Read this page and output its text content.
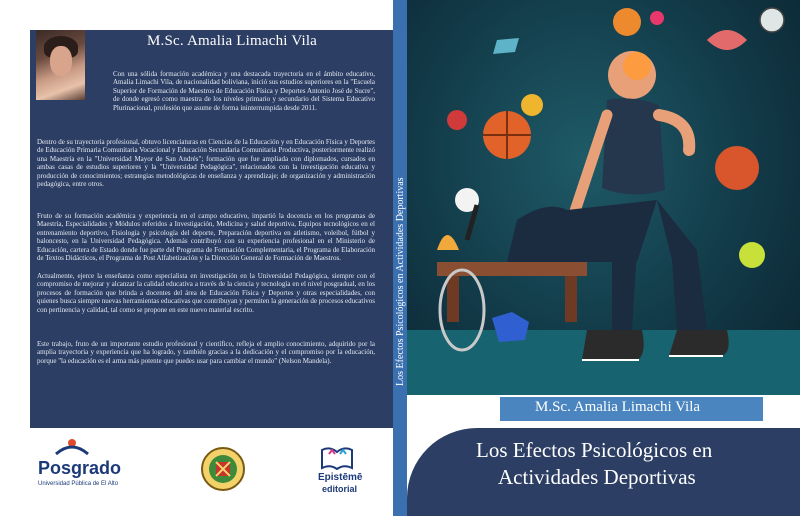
M.Sc. Amalia Limachi Vila

Con una sólida formación académica y una destacada trayectoria en el ámbito educativo, Amalia Limachi Vila, de nacionalidad boliviana, inició sus estudios superiores en la "Escuela Superior de Formación de Maestros de Educación Física y Deportes Antonio José de Sucre", de donde egresó como maestra de los niveles primario y secundario del Sistema Educativo Plurinacional, profesión que asume de forma ininterrumpida desde 2011.

Dentro de su trayectoria profesional, obtuvo licenciaturas en Ciencias de la Educación y en Educación Física y Deportes de Educación Primaria Comunitaria Vocacional y Educación Secundaria Comunitaria Productiva, posteriormente realizó una Maestría en la "Universidad Mayor de San Andrés"; formación que fue ampliada con diplomados, cursados en ambas casas de estudios superiores y la "Universidad Pedagógica", relacionados con la investigación educativa y producción de conocimientos; estrategias metodológicas de enseñanza y aprendizaje; de organización y administración pedagógica, entre otros.

Fruto de su formación académica y experiencia en el campo educativo, impartió la docencia en los programas de Maestría, Especialidades y Módulos referidos a Investigación, Medicina y salud deportiva, Equipos tecnológicos en el entrenamiento deportivo, Fisiología y psicología del deporte, Preparación deportiva en atletismo, voleibol, fútbol y baloncesto, en la Universidad Pedagógica. Además contribuyó con su experiencia profesional en el Ministerio de Educación, cartera de Estado donde fue parte del Programa de Formación Complementaria, el Programa de Elaboración de Textos Didácticos, el Programa de Post Alfabetización y la Dirección General de Formación de Maestros.

Actualmente, ejerce la enseñanza como especialista en investigación en la Universidad Pedagógica, siempre con el compromiso de mejorar y alcanzar la calidad educativa a través de la ciencia y tecnología en el nivel posgradual, en los procesos de formación que brinda a docentes del área de Educación Física y Deportes y otras especialidades, con quienes busca siempre nuevas herramientas educativas que contribuyan y permiten la generación de procesos educativos con pertinencia y calidad, tal como se propone en este nuevo material escrito.

Este trabajo, fruto de un importante estudio profesional y científico, refleja el amplio conocimiento, adquirido por la amplia trayectoria y experiencia que ha logrado, y también gracias a la dedicación y el compromiso por la educación, porque "la educación es el arma más potente que puedes usar para cambiar el mundo" (Nelson Mandela).

Posgrado
Universidad Pública de El Alto
Epistēmē
editorial
Los Efectos Psicológicos en Actividades Deportivas
M.Sc. Amalia Limachi Vila
Los Efectos Psicológicos en
Actividades Deportivas
